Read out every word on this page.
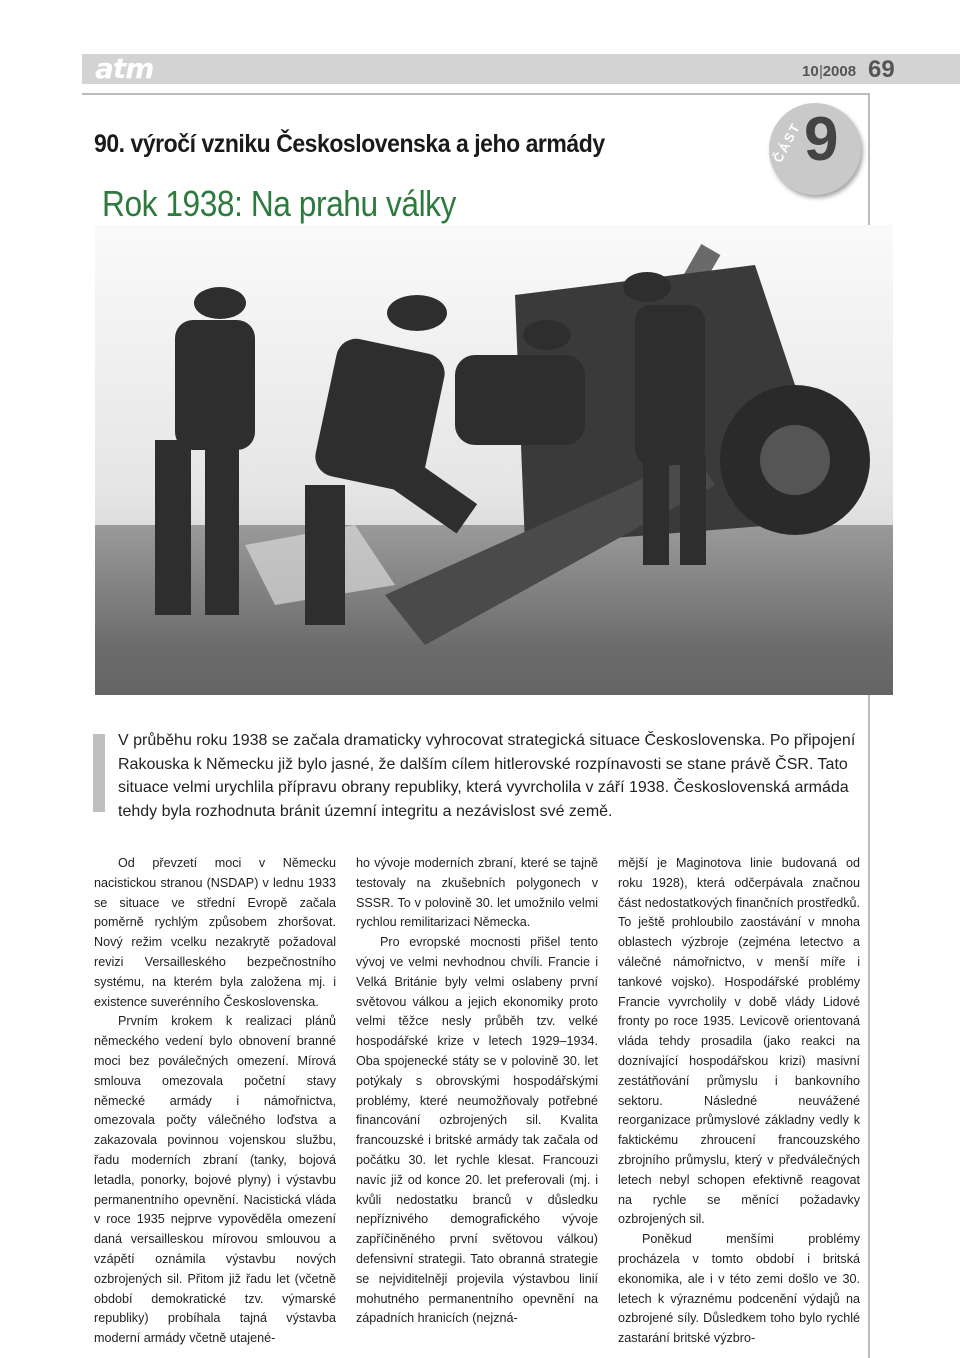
atm	10 2008 69
90. výročí vzniku Československa a jeho armády
Rok 1938: Na prahu války
9
ČÁST
V průběhu roku 1938 se začala dramaticky vyhrocovat strategická situace Československa. Po připojení Rakouska k Německu již bylo jasné, že dalším cílem hitlerovské rozpínavosti se stane právě ČSR. Tato situace velmi urychlila přípravu obrany republiky, která vyvrcholila v září 1938. Československá armáda tehdy byla rozhodnuta bránit územní integritu a nezávislost své země.

Od převzetí moci v Německu nacistickou stranou (NSDAP) v lednu 1933 se situace ve střední Evropě začala poměrně rychlým způsobem zhoršovat. Nový režim vcelku nezakrytě požadoval revizi Versailleského bezpečnostního systému, na kterém byla založena mj. i existence suverénního Československa.

Prvním krokem k realizaci plánů německého vedení bylo obnovení branné moci bez poválečných omezení. Mírová smlouva omezovala početní stavy německé armády i námořnictva, omezovala počty válečného loďstva a zakazovala povinnou vojenskou službu, řadu moderních zbraní (tanky, bojová letadla, ponorky, bojové plyny) i výstavbu permanentního opevnění. Nacistická vláda v roce 1935 nejprve vypověděla omezení daná versailleskou mírovou smlouvou a vzápětí oznámila výstavbu nových ozbrojených sil. Přitom již řadu let (včetně období demokratické tzv. výmarské republiky) probíhala tajná výstavba moderní armády včetně utajené-

ho vývoje moderních zbraní, které se tajně testovaly na zkušebních polygonech v SSSR. To v polovině 30. let umožnilo velmi rychlou remilitarizaci Německa.

Pro evropské mocnosti přišel tento vývoj ve velmi nevhodnou chvíli. Francie i Velká Británie byly velmi oslabeny první světovou válkou a jejich ekonomiky proto velmi těžce nesly průběh tzv. velké hospodářské krize v letech 1929–1934. Oba spojenecké státy se v polovině 30. let potýkaly s obrovskými hospodářskými problémy, které neumožňovaly potřebné financování ozbrojených sil. Kvalita francouzské i britské armády tak začala od počátku 30. let rychle klesat. Francouzi navíc již od konce 20. let preferovali (mj. i kvůli nedostatku branců v důsledku nepříznivého demografického vývoje zapříčiněného první světovou válkou) defensivní strategii. Tato obranná strategie se nejviditelněji projevila výstavbou linií mohutného permanentního opevnění na západních hranicích (nejzná-

mější je Maginotova linie budovaná od roku 1928), která odčerpávala značnou část nedostatkových finančních prostředků. To ještě prohloubilo zaostávání v mnoha oblastech výzbroje (zejména letectvo a válečné námořnictvo, v menší míře i tankové vojsko). Hospodářské problémy Francie vyvrcholily v době vlády Lidové fronty po roce 1935. Levicově orientovaná vláda tehdy prosadila (jako reakci na doznívající hospodářskou krizi) masivní zestátňování průmyslu i bankovního sektoru. Následné neuvážené reorganizace průmyslové základny vedly k faktickému zhroucení francouzského zbrojního průmyslu, který v předválečných letech nebyl schopen efektivně reagovat na rychle se měnící požadavky ozbrojených sil.

Poněkud menšími problémy procházela v tomto období i britská ekonomika, ale i v této zemi došlo ve 30. letech k výraznému podcenění výdajů na ozbrojené síly. Důsledkem toho bylo rychlé zastarání britské výzbro-
